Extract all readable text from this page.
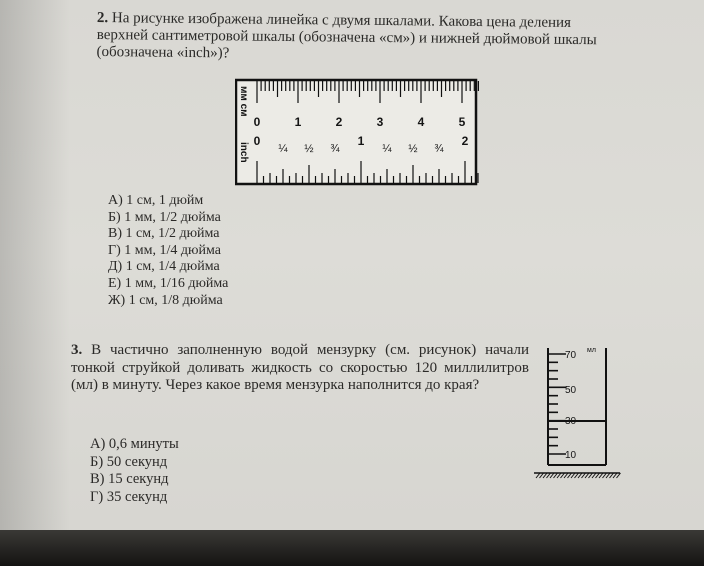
2. На рисунке изображена линейка с двумя шкалами. Какова цена деления
верхней сантиметровой шкалы (обозначена «см») и нижней дюймовой шкалы
(обозначена «inch»)?
мм см
inch
0	1	2	3	4	5
0
¼ ½ ¾
1
¼ ½ ¾
2
А) 1 см, 1 дюйм
Б) 1 мм, 1/2 дюйма
В) 1 см, 1/2 дюйма
Г) 1 мм, 1/4 дюйма
Д) 1 см, 1/4 дюйма
Е) 1 мм, 1/16 дюйма
Ж) 1 см, 1/8 дюйма
3. В частично заполненную водой мензурку (см. рисунок) начали тонкой струйкой доливать жидкость со скоростью 120 миллилитров (мл) в минуту. Через какое время мензурка наполнится до края?
70 мл
50
30
10
А) 0,6 минуты
Б) 50 секунд
В) 15 секунд
Г) 35 секунд
